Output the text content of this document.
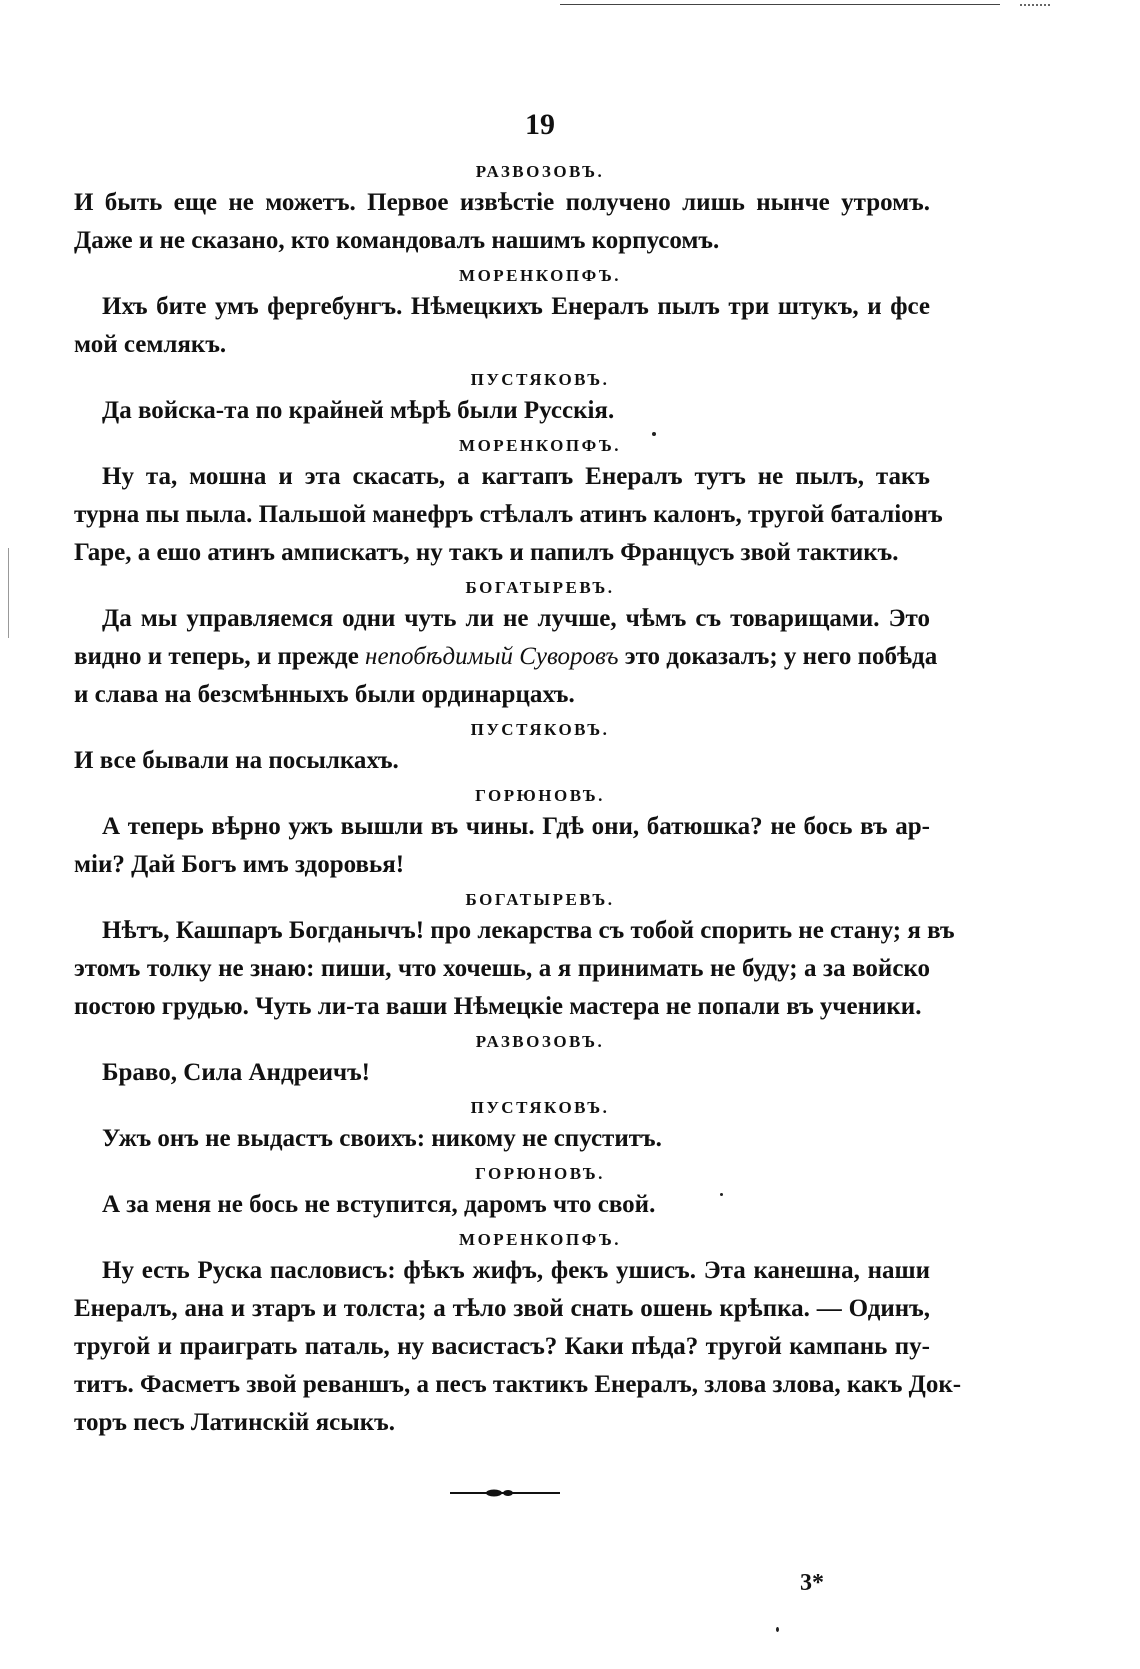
19
РАЗВОЗОВЪ.
И быть еще не можетъ. Первое извѣстіе получено лишь нынче утромъ.
Даже и не сказано, кто командовалъ нашимъ корпусомъ.
МОРЕНКОПФЪ.
Ихъ бите умъ фергебунгъ. Нѣмецкихъ Енералъ пылъ три штукъ, и фсе
мой семлякъ.
ПУСТЯКОВЪ.
Да войска-та по крайней мѣрѣ были Русскія.
МОРЕНКОПФЪ.
Ну та, мошна и эта скасать, а кагтапъ Енералъ тутъ не пылъ, такъ
турна пы пыла. Пальшой манефръ стѣлалъ атинъ калонъ, тругой баталіонъ
Гаре, а ешо атинъ ампискатъ, ну такъ и папилъ Францусъ звой тактикъ.
БОГАТЫРЕВЪ.
Да мы управляемся одни чуть ли не лучше, чѣмъ съ товарищами. Это
видно и теперь, и прежде непобѣдимый Суворовъ это доказалъ; у него побѣда
и слава на безсмѣнныхъ были ординарцахъ.
ПУСТЯКОВЪ.
И все бывали на посылкахъ.
ГОРЮНОВЪ.
А теперь вѣрно ужъ вышли въ чины. Гдѣ они, батюшка? не бось въ ар-
міи? Дай Богъ имъ здоровья!
БОГАТЫРЕВЪ.
Нѣтъ, Кашпаръ Богданычъ! про лекарства съ тобой спорить не стану; я въ
этомъ толку не знаю: пиши, что хочешь, а я принимать не буду; а за войско
постою грудью. Чуть ли-та ваши Нѣмецкіе мастера не попали въ ученики.
РАЗВОЗОВЪ.
Браво, Сила Андреичъ!
ПУСТЯКОВЪ.
Ужъ онъ не выдастъ своихъ: никому не спуститъ.
ГОРЮНОВЪ.
А за меня не бось не вступится, даромъ что свой.
МОРЕНКОПФЪ.
Ну есть Руска пасловисъ: фѣкъ жифъ, фекъ ушисъ. Эта канешна, наши
Енералъ, ана и зтаръ и толста; а тѣло звой снать ошень крѣпка. — Одинъ,
тругой и праиграть паталь, ну васистасъ? Каки пѣда? тругой кампань пу-
титъ. Фасметъ звой реваншъ, а песъ тактикъ Енералъ, злова злова, какъ Док-
торъ песъ Латинскій ясыкъ.
3*
